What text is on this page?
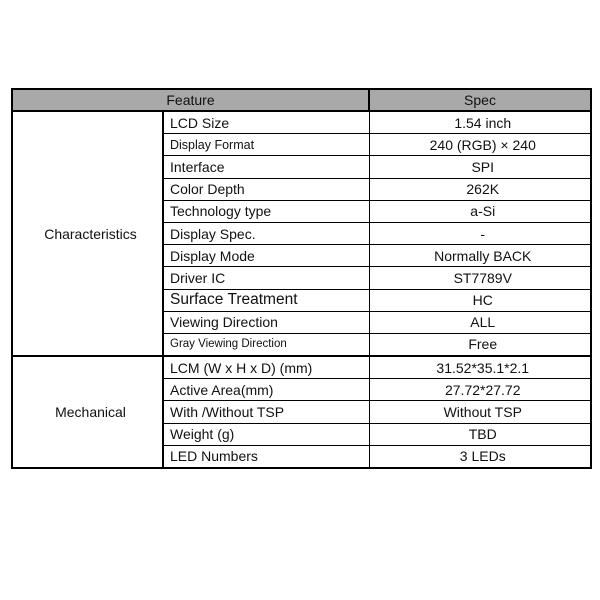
Feature		Spec
Characteristics	LCD Size	1.54 inch
	Display Format	240 (RGB) × 240
	Interface	SPI
	Color Depth	262K
	Technology type	a-Si
	Display Spec.	-
	Display Mode	Normally BACK
	Driver IC	ST7789V
	Surface Treatment	HC
	Viewing Direction	ALL
	Gray Viewing Direction	Free
Mechanical	LCM (W x H x D) (mm)	31.52*35.1*2.1
	Active Area(mm)	27.72*27.72
	With /Without TSP	Without TSP
	Weight (g)	TBD
	LED Numbers	3 LEDs
